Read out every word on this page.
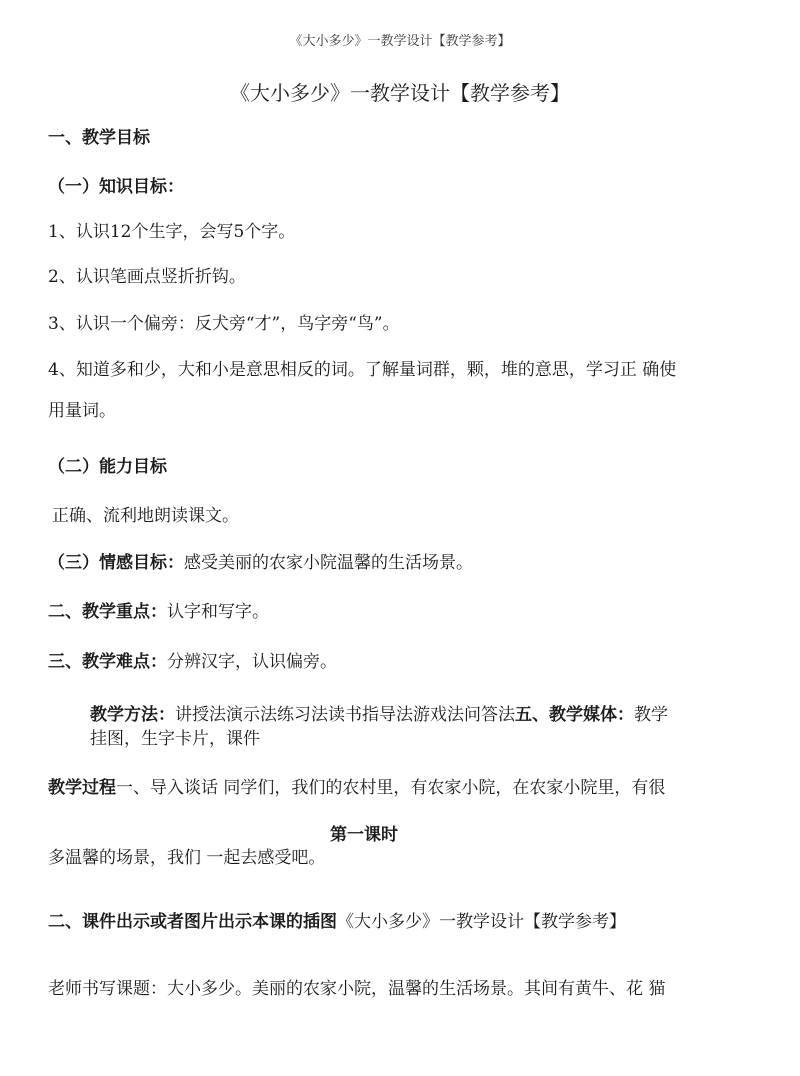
《大小多少》一教学设计【教学参考】
《大小多少》一教学设计【教学参考】
一、教学目标
（一）知识目标：
1、认识12个生字，会写5个字。
2、认识笔画点竖折折钩。
3、认识一个偏旁：反犬旁“才”，鸟字旁“鸟”。
4、知道多和少，大和小是意思相反的词。了解量词群，颗，堆的意思，学习正 确使
用量词。
（二）能力目标
正确、流利地朗读课文。
（三）情感目标：感受美丽的农家小院温馨的生活场景。
二、教学重点：认字和写字。
三、教学难点：分辨汉字，认识偏旁。
教学方法：讲授法演示法练习法读书指导法游戏法问答法五、教学媒体：教学
挂图，生字卡片，课件
教学过程一、导入谈话 同学们，我们的农村里，有农家小院，在农家小院里，有很
第一课时
多温馨的场景，我们 一起去感受吧。
二、课件出示或者图片出示本课的插图《大小多少》一教学设计【教学参考】
老师书写课题：大小多少。美丽的农家小院，温馨的生活场景。其间有黄牛、花 猫
